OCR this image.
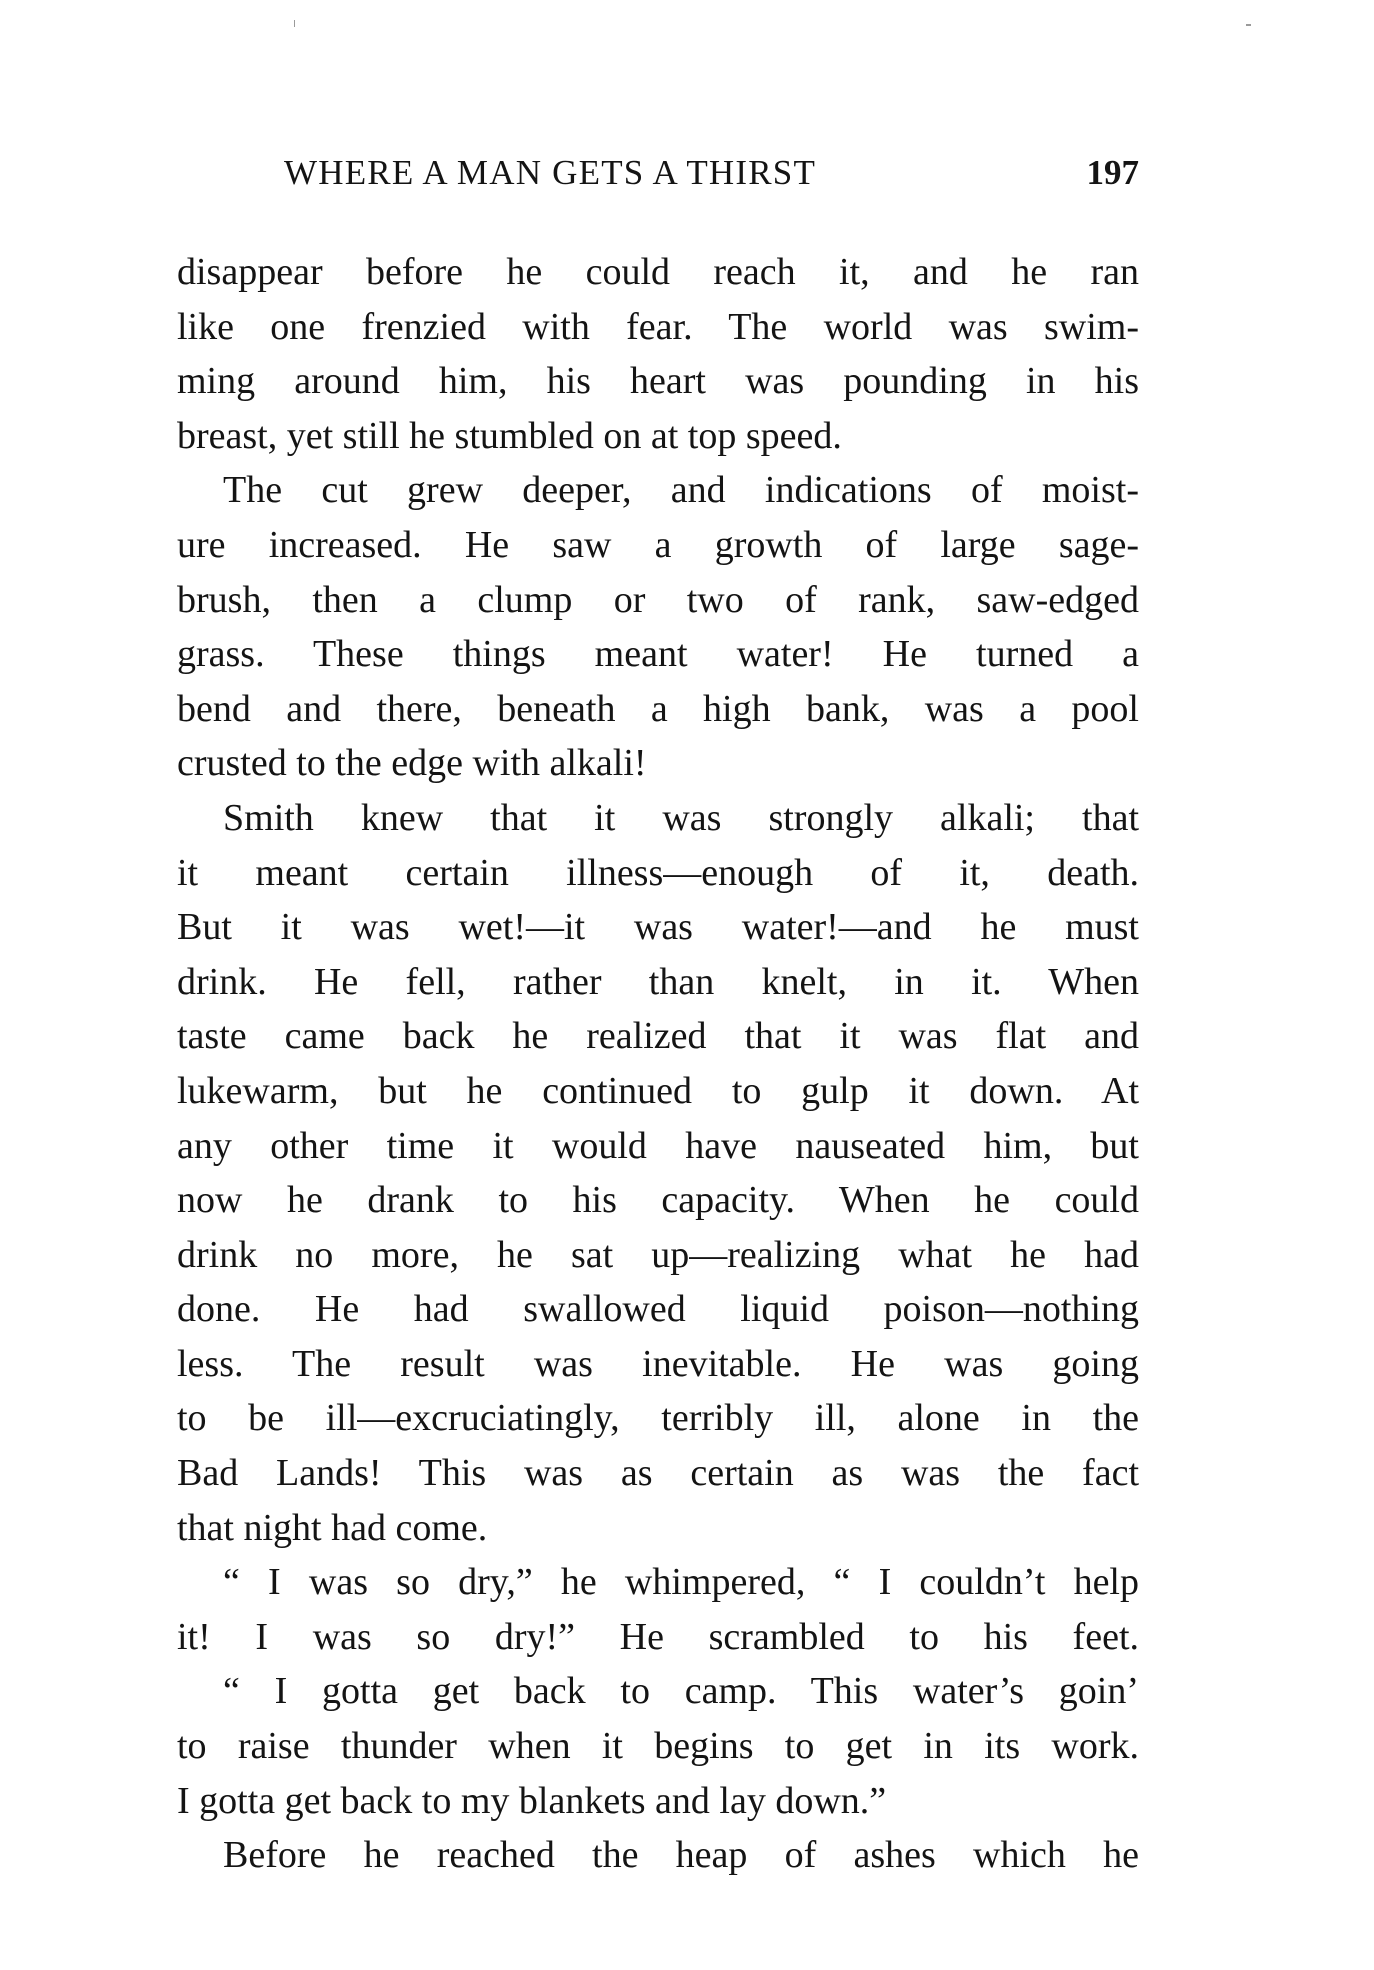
WHERE A MAN GETS A THIRST	197
disappear before he could reach it, and he ran
like one frenzied with fear. The world was swim-
ming around him, his heart was pounding in his
breast, yet still he stumbled on at top speed.
The cut grew deeper, and indications of moist-
ure increased. He saw a growth of large sage-
brush, then a clump or two of rank, saw-edged
grass. These things meant water! He turned a
bend and there, beneath a high bank, was a pool
crusted to the edge with alkali!
Smith knew that it was strongly alkali; that
it meant certain illness—enough of it, death.
But it was wet!—it was water!—and he must
drink. He fell, rather than knelt, in it. When
taste came back he realized that it was flat and
lukewarm, but he continued to gulp it down. At
any other time it would have nauseated him, but
now he drank to his capacity. When he could
drink no more, he sat up—realizing what he had
done. He had swallowed liquid poison—nothing
less. The result was inevitable. He was going
to be ill—excruciatingly, terribly ill, alone in the
Bad Lands! This was as certain as was the fact
that night had come.
“ I was so dry,” he whimpered, “ I couldn’t help
it! I was so dry!” He scrambled to his feet.
“ I gotta get back to camp. This water’s goin’
to raise thunder when it begins to get in its work.
I gotta get back to my blankets and lay down.”
Before he reached the heap of ashes which he
